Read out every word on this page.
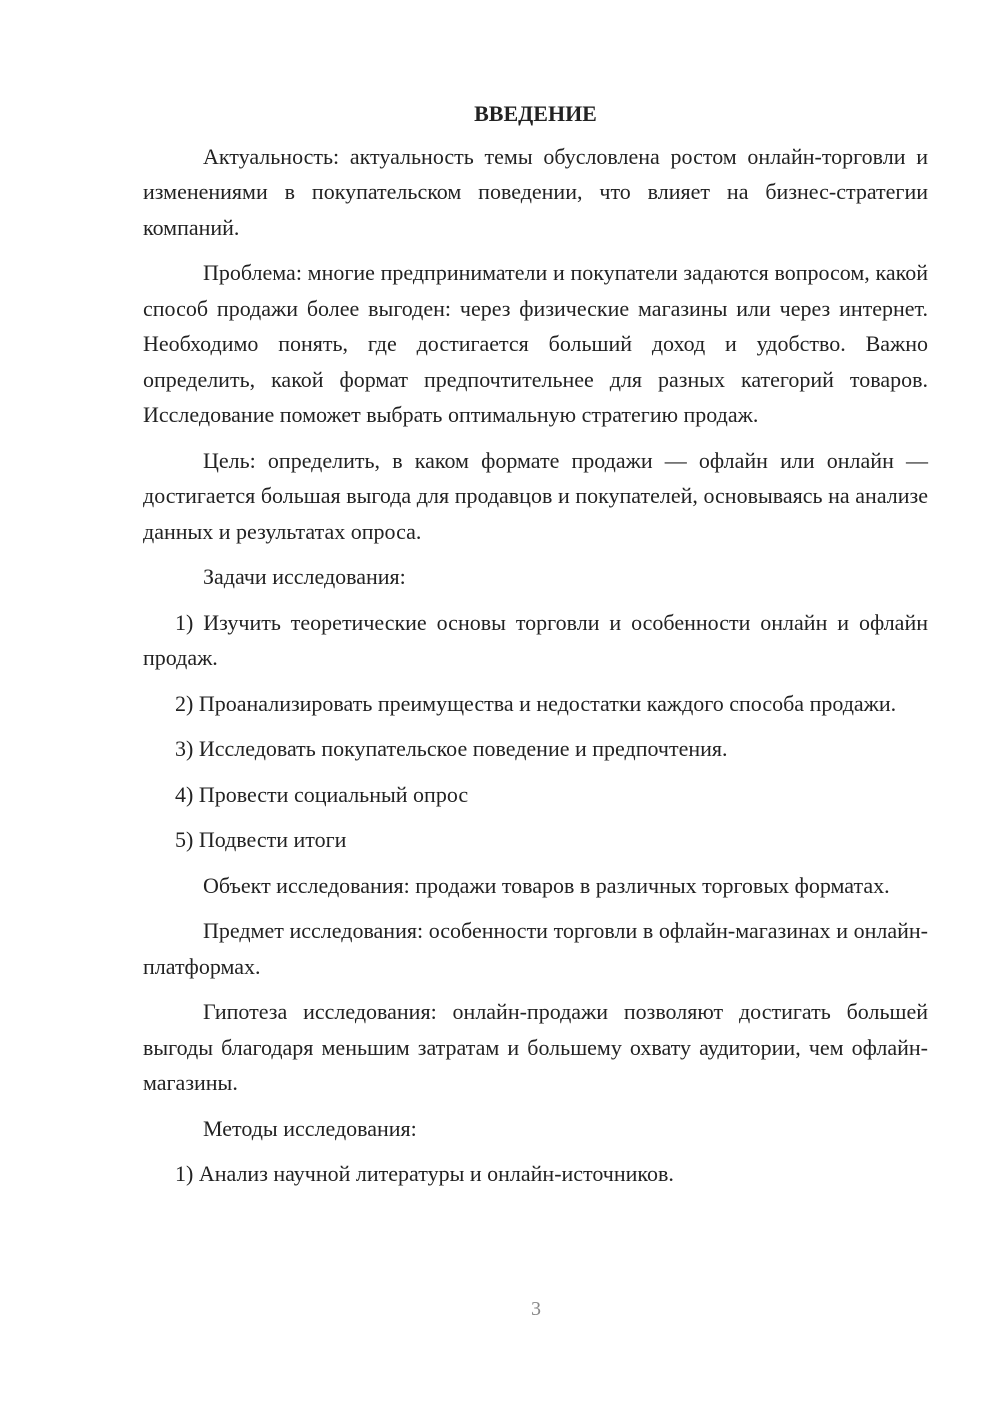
ВВЕДЕНИЕ
Актуальность: актуальность темы обусловлена ростом онлайн-торговли и изменениями в покупательском поведении, что влияет на бизнес-стратегии компаний.
Проблема: многие предприниматели и покупатели задаются вопросом, какой способ продажи более выгоден: через физические магазины или через интернет. Необходимо понять, где достигается больший доход и удобство. Важно определить, какой формат предпочтительнее для разных категорий товаров. Исследование поможет выбрать оптимальную стратегию продаж.
Цель: определить, в каком формате продажи — офлайн или онлайн — достигается большая выгода для продавцов и покупателей, основываясь на анализе данных и результатах опроса.
Задачи исследования:
1) Изучить теоретические основы торговли и особенности онлайн и офлайн продаж.
2) Проанализировать преимущества и недостатки каждого способа продажи.
3) Исследовать покупательское поведение и предпочтения.
4) Провести социальный опрос
5) Подвести итоги
Объект исследования: продажи товаров в различных торговых форматах.
Предмет исследования: особенности торговли в офлайн-магазинах и онлайн-платформах.
Гипотеза исследования: онлайн-продажи позволяют достигать большей выгоды благодаря меньшим затратам и большему охвату аудитории, чем офлайн-магазины.
Методы исследования:
1) Анализ научной литературы и онлайн-источников.
3
